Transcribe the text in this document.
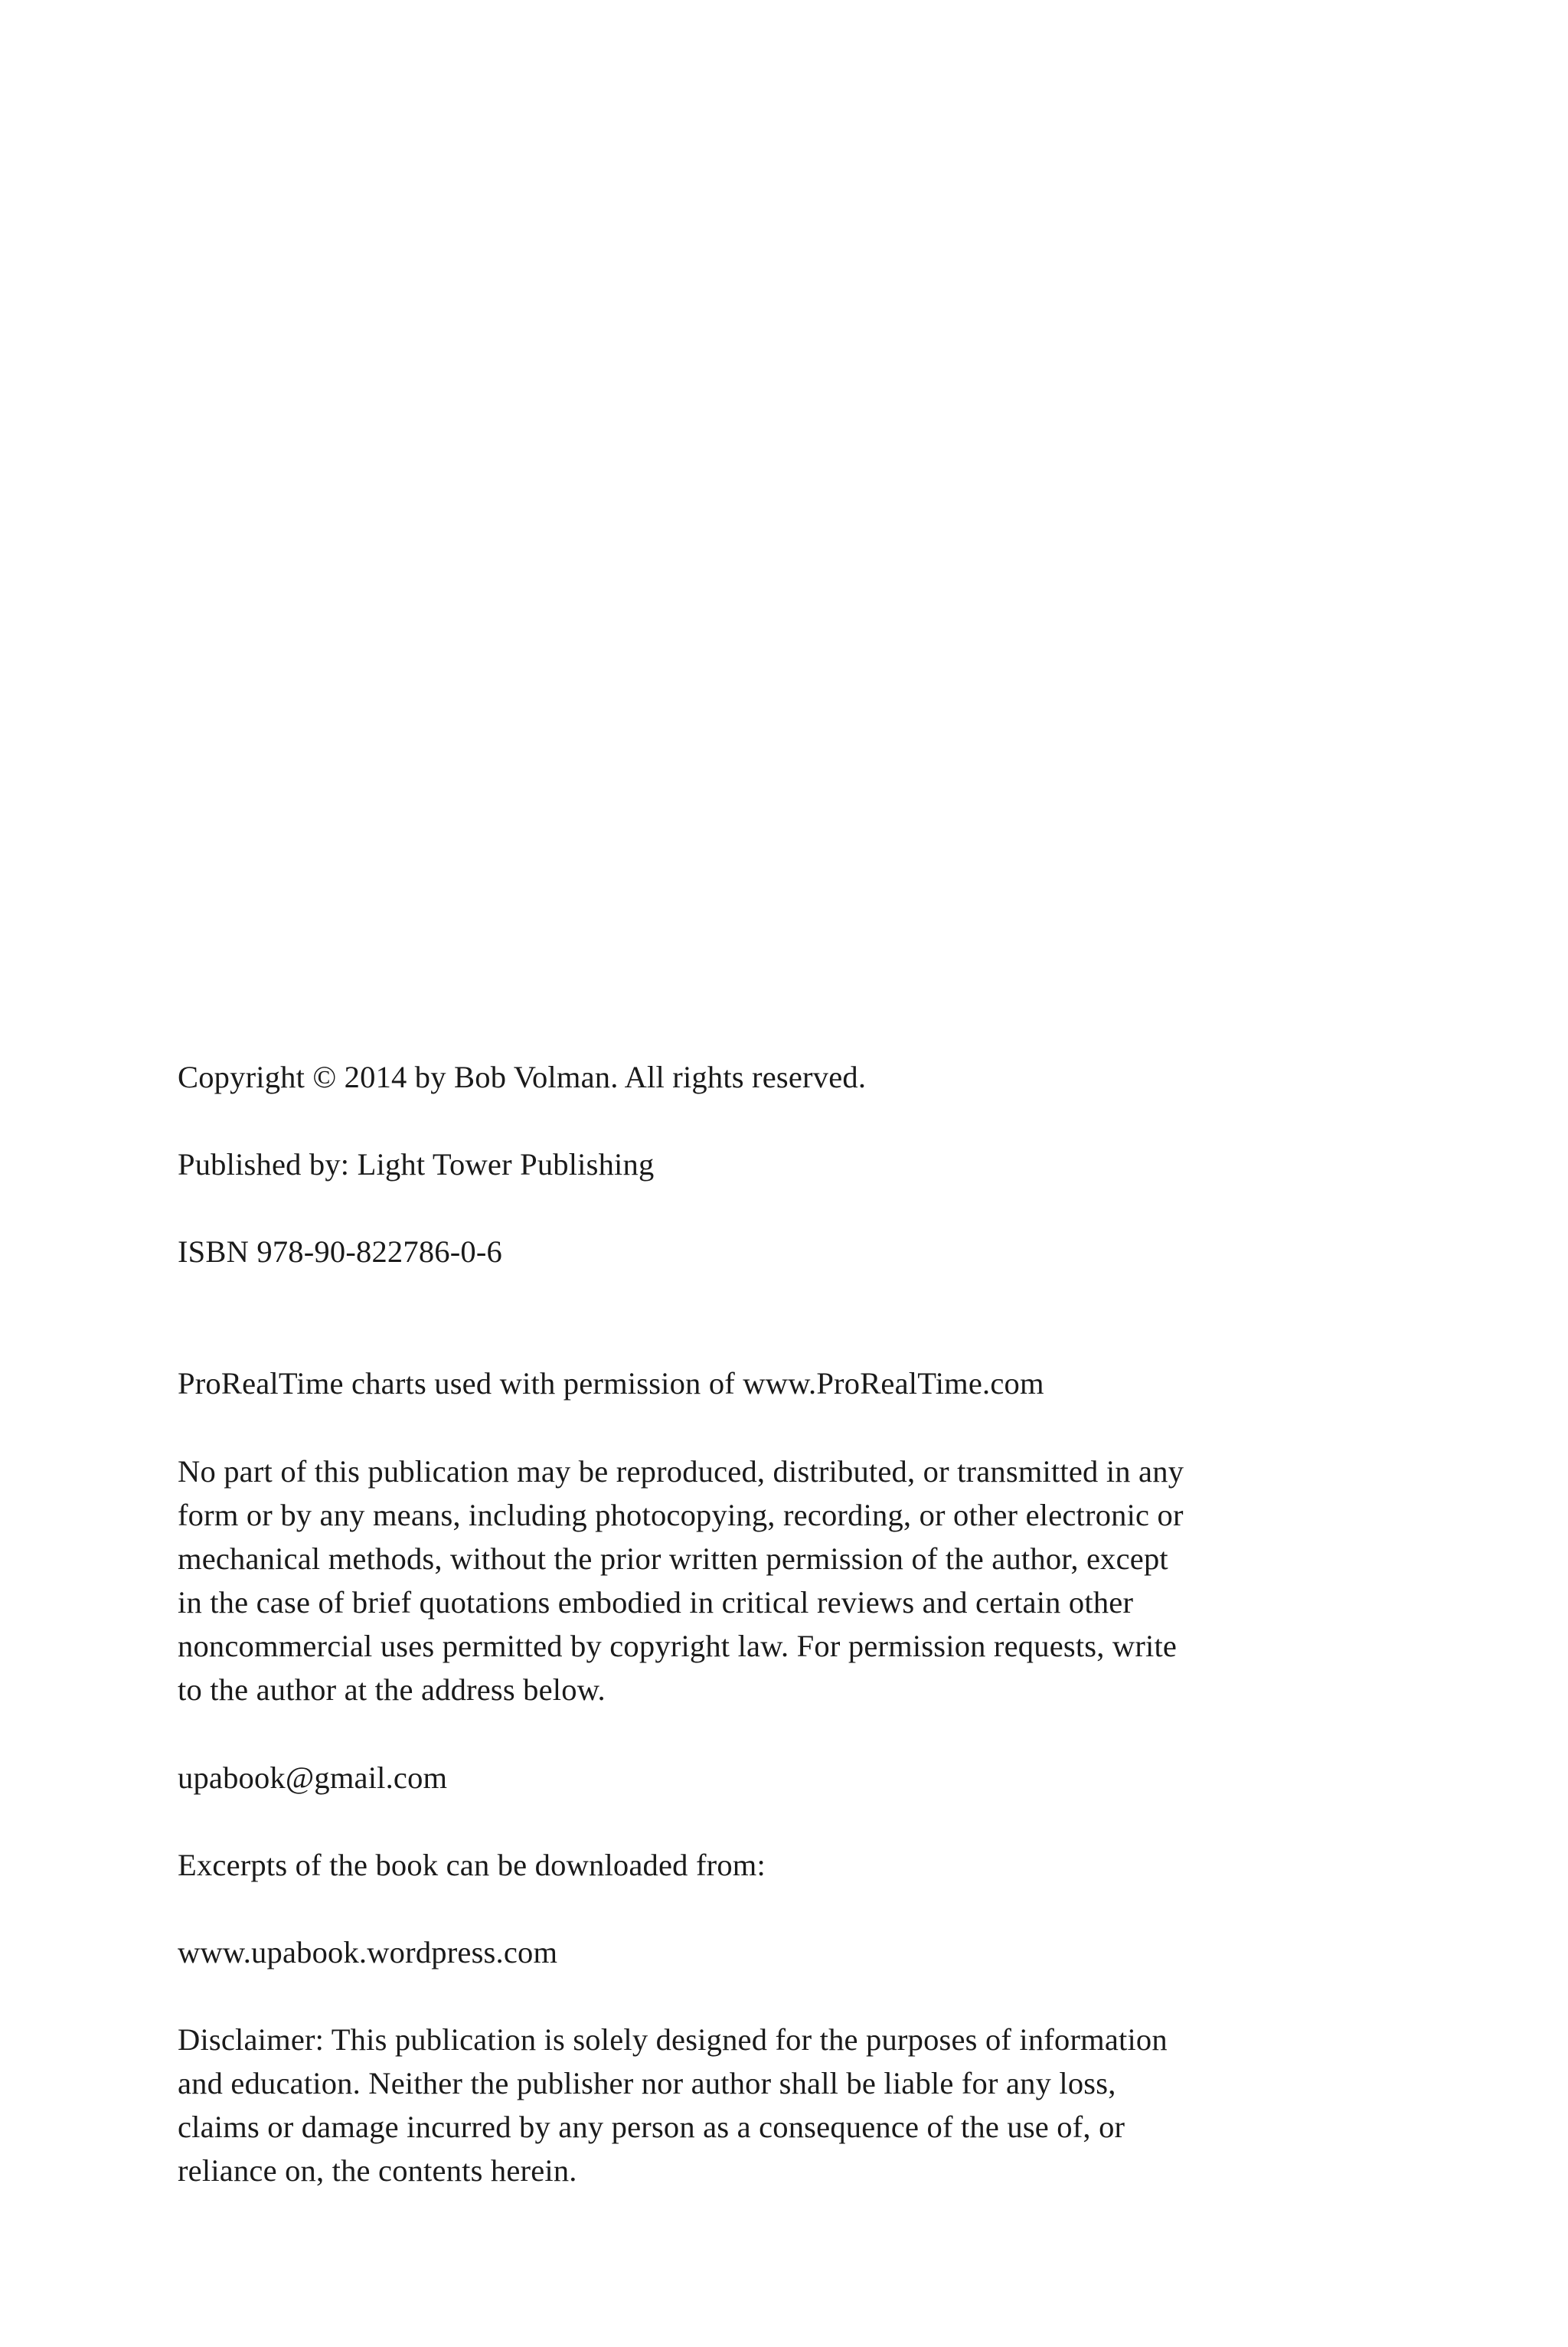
Copyright © 2014 by Bob Volman. All rights reserved.
Published by: Light Tower Publishing
ISBN 978-90-822786-0-6
ProRealTime charts used with permission of www.ProRealTime.com
No part of this publication may be reproduced, distributed, or transmitted in any
form or by any means, including photocopying, recording, or other electronic or
mechanical methods, without the prior written permission of the author, except
in the case of brief quotations embodied in critical reviews and certain other
noncommercial uses permitted by copyright law. For permission requests, write
to the author at the address below.
upabook@gmail.com
Excerpts of the book can be downloaded from:
www.upabook.wordpress.com
Disclaimer: This publication is solely designed for the purposes of information
and education. Neither the publisher nor author shall be liable for any loss,
claims or damage incurred by any person as a consequence of the use of, or
reliance on, the contents herein.
